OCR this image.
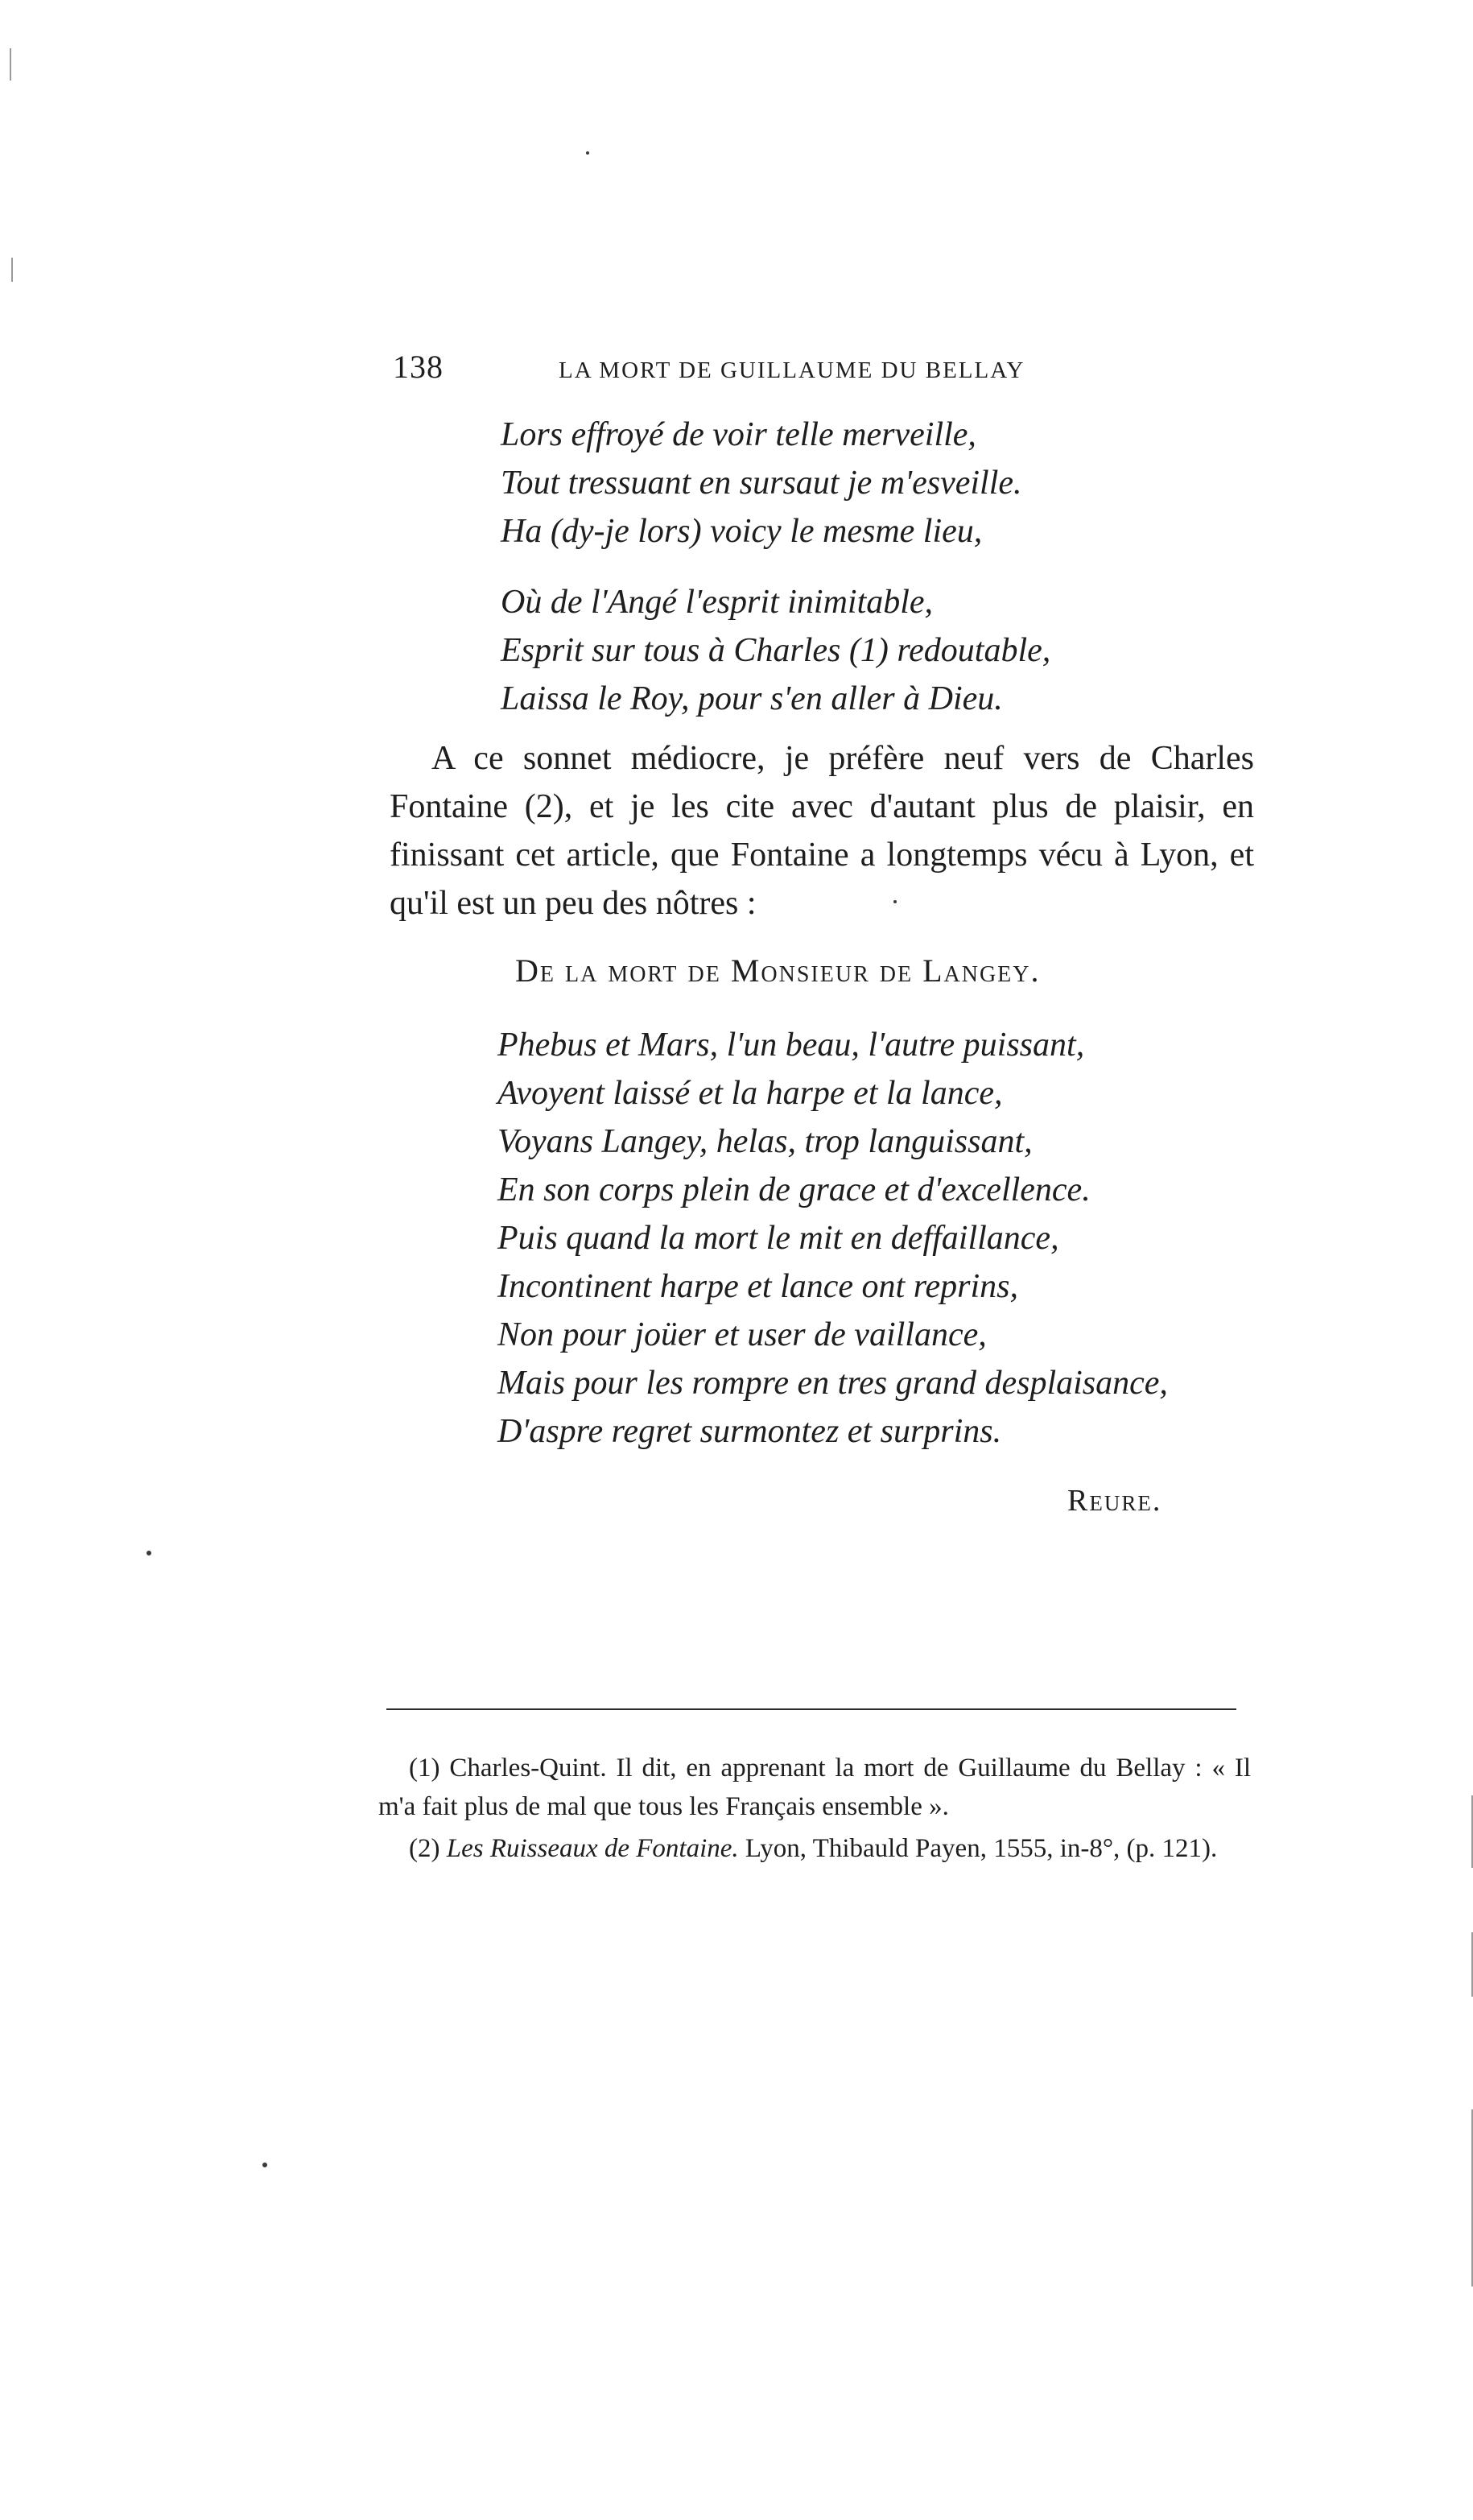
138	LA MORT DE GUILLAUME DU BELLAY
Lors effroyé de voir telle merveille,
Tout tressuant en sursaut je m'esveille.
Ha (dy-je lors) voicy le mesme lieu,
Où de l'Angé l'esprit inimitable,
Esprit sur tous à Charles (1) redoutable,
Laissa le Roy, pour s'en aller à Dieu.

A ce sonnet médiocre, je préfère neuf vers de Charles Fontaine (2), et je les cite avec d'autant plus de plaisir, en finissant cet article, que Fontaine a longtemps vécu à Lyon, et qu'il est un peu des nôtres :

De la mort de Monsieur de Langey.
Phebus et Mars, l'un beau, l'autre puissant,
Avoyent laissé et la harpe et la lance,
Voyans Langey, helas, trop languissant,
En son corps plein de grace et d'excellence.
Puis quand la mort le mit en deffaillance,
Incontinent harpe et lance ont reprins,
Non pour joüer et user de vaillance,
Mais pour les rompre en tres grand desplaisance,
D'aspre regret surmontez et surprins.
Reure.

(1) Charles-Quint. Il dit, en apprenant la mort de Guillaume du Bellay : « Il m'a fait plus de mal que tous les Français ensemble ».

(2) Les Ruisseaux de Fontaine. Lyon, Thibauld Payen, 1555, in-8°, (p. 121).
